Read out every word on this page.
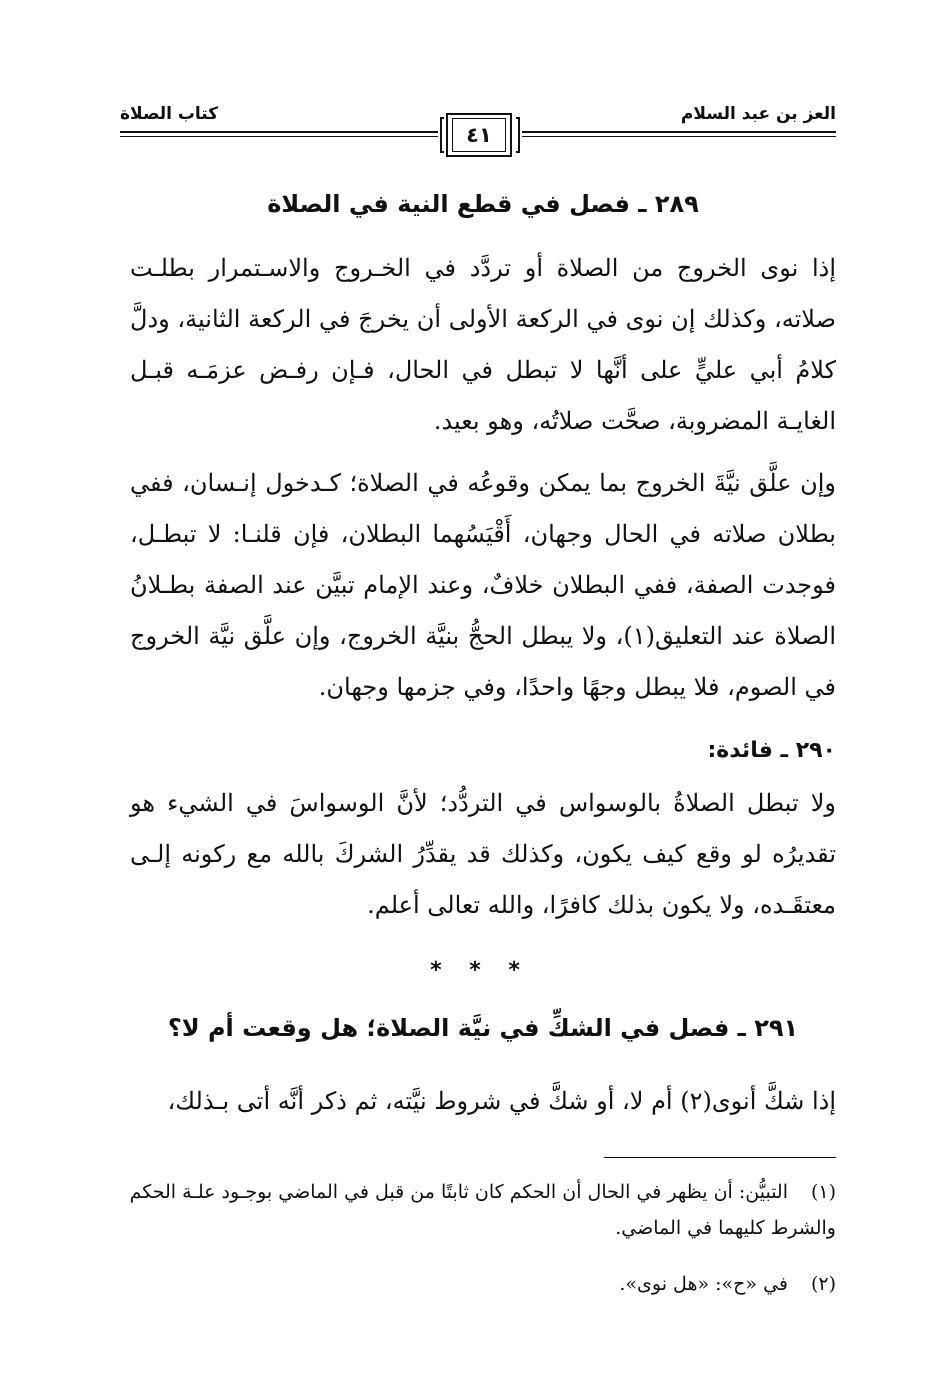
العز بن عبد السلام
كتاب الصلاة
٤١
٢٨٩ ـ فصل في قطع النية في الصلاة
إذا نوى الخروج من الصلاة أو تردَّد في الخـروج والاسـتمرار بطلـت صلاته، وكذلك إن نوى في الركعة الأولى أن يخرجَ في الركعة الثانية، ودلَّ كلامُ أبي عليٍّ على أنَّها لا تبطل في الحال، فـإن رفـض عزمَـه قبـل الغايـة المضروبة، صحَّت صلاتُه، وهو بعيد.
وإن علَّق نيَّةَ الخروج بما يمكن وقوعُه في الصلاة؛ كـدخول إنـسان، ففي بطلان صلاته في الحال وجهان، أَقْيَسُهما البطلان، فإن قلنـا: لا تبطـل، فوجدت الصفة، ففي البطلان خلافٌ، وعند الإمام تبيَّن عند الصفة بطـلانُ الصلاة عند التعليق(١)، ولا يبطل الحجُّ بنيَّة الخروج، وإن علَّق نيَّة الخروج في الصوم، فلا يبطل وجهًا واحدًا، وفي جزمها وجهان.
٢٩٠ ـ فائدة:
ولا تبطل الصلاةُ بالوسواس في التردُّد؛ لأنَّ الوسواسَ في الشيء هو تقديرُه لو وقع كيف يكون، وكذلك قد يقدِّرُ الشركَ بالله مع ركونه إلـى معتقَـده، ولا يكون بذلك كافرًا، والله تعالى أعلم.
* * *
٢٩١ ـ فصل في الشكِّ في نيَّة الصلاة؛ هل وقعت أم لا؟
إذا شكَّ أنوى(٢) أم لا، أو شكَّ في شروط نيَّته، ثم ذكر أنَّه أتى بـذلك،
(١)التبيُّن: أن يظهر في الحال أن الحكم كان ثابتًا من قبل في الماضي بوجـود علـة الحكم والشرط كليهما في الماضي.
(٢)في «ح»: «هل نوى».
